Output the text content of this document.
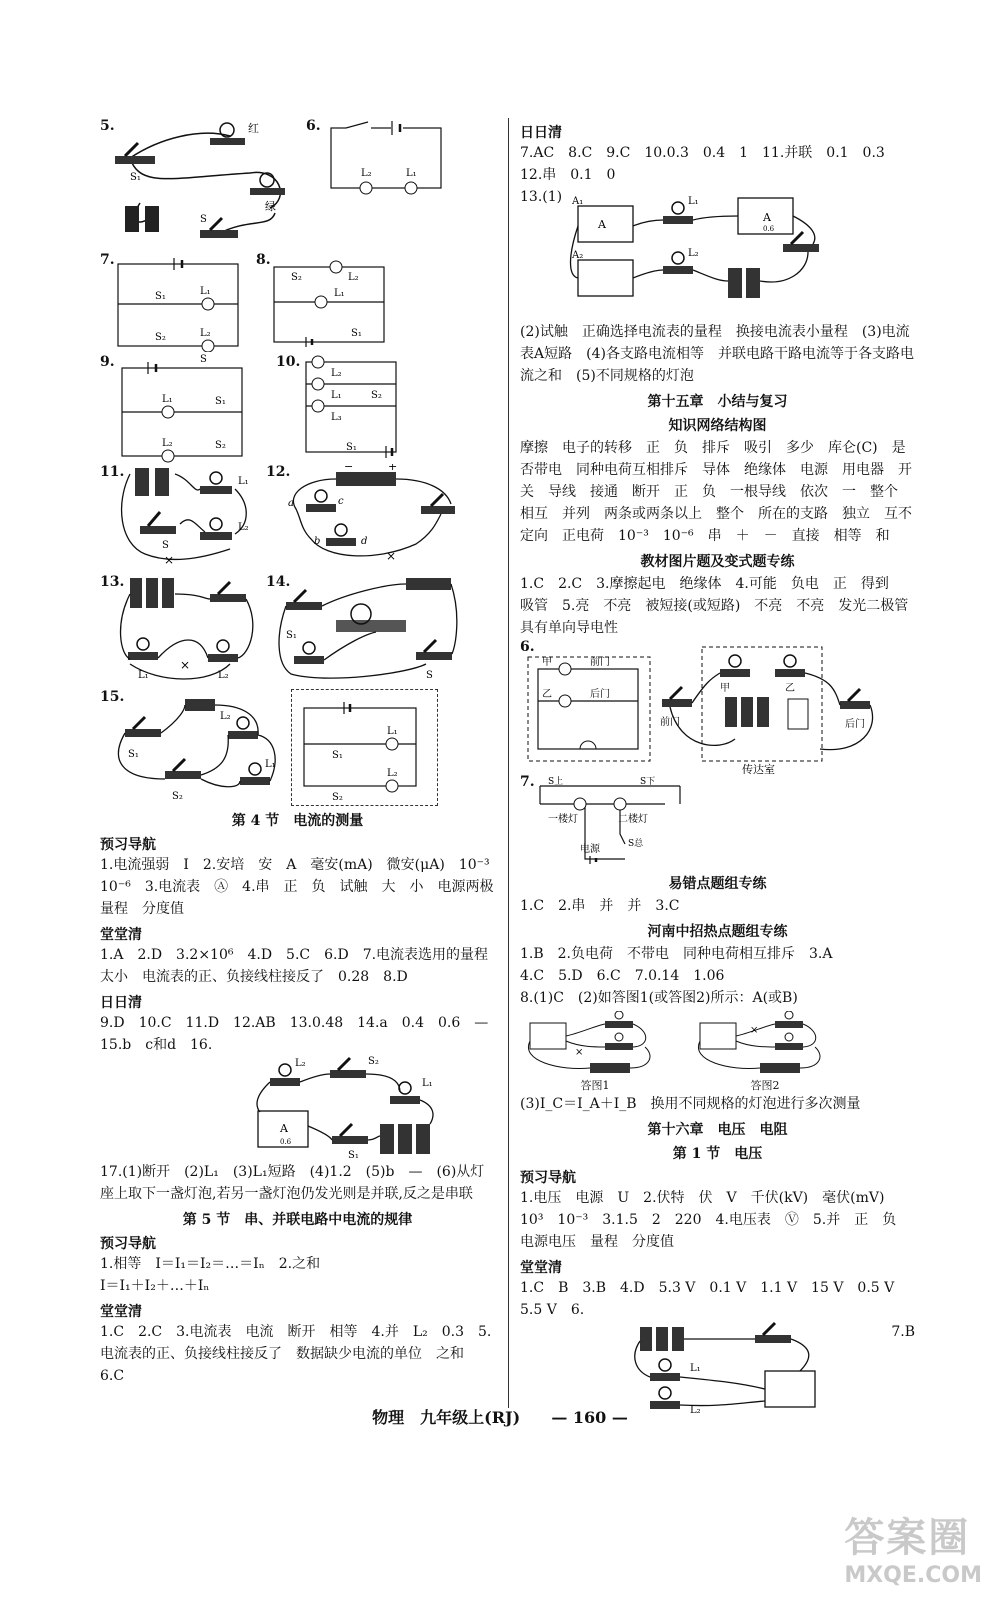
5.	红
绿
S₁
S
6.
L₂	L₁
7.
S₁	L₁
S₂	L₂
8.
S₂	L₂
L₁
S₁
9.	S
L₁	S₁
L₂	S₂
10.
L₂
L₁
L₃
S₂
S₁
11.
×
L₁
S
L₂
12.
×
−	+
a	c
b	d
13.
×
L₁	L₂
14.
S₁
S
15.
L₂
S₁
L₁
S₂
L₁
S₁
L₂
S₂
第 4 节　电流的测量
预习导航
1.电流强弱　I　2.安培　安　A　毫安(mA)　微安(μA)　10⁻³　10⁻⁶　3.电流表　Ⓐ　4.串　正　负　试触　大　小　电源两极　量程　分度值
堂堂清
1.A　2.D　3.2×10⁶　4.D　5.C　6.D　7.电流表选用的量程太小　电流表的正、负接线柱接反了　0.28　8.D
日日清
9.D　10.C　11.D　12.AB　13.0.48　14.a　0.4　0.6　—　15.b　c和d　16.
A
0.6
L₂	S₂
L₁
S₁
17.(1)断开　(2)L₁　(3)L₁短路　(4)1.2　(5)b　—　(6)从灯座上取下一盏灯泡,若另一盏灯泡仍发光则是并联,反之是串联
第 5 节　串、并联电路中电流的规律
预习导航
1.相等　I＝I₁＝I₂＝…＝Iₙ　2.之和
I＝I₁＋I₂＋…＋Iₙ
堂堂清
1.C　2.C　3.电流表　电流　断开　相等　4.并　L₂　0.3　5.电流表的正、负接线柱接反了　数据缺少电流的单位　之和　6.C
日日清
7.AC　8.C　9.C　10.0.3　0.4　1　11.并联　0.1　0.3
12.串　0.1　0
13.(1)
A
A
0.6
A₁
A₂
L₁
L₂
(2)试触　正确选择电流表的量程　换接电流表小量程　(3)电流表A短路　(4)各支路电流相等　并联电路干路电流等于各支路电流之和　(5)不同规格的灯泡
第十五章　小结与复习
知识网络结构图
摩擦　电子的转移　正　负　排斥　吸引　多少　库仑(C)　是否带电　同种电荷互相排斥　导体　绝缘体　电源　用电器　开关　导线　接通　断开　正　负　一根导线　依次　一　整个　相互　并列　两条或两条以上　整个　所在的支路　独立　互不　定向　正电荷　10⁻³　10⁻⁶　串　＋　－　直接　相等　和
教材图片题及变式题专练
1.C　2.C　3.摩擦起电　绝缘体　4.可能　负电　正　得到　吸管　5.亮　不亮　被短接(或短路)　不亮　不亮　发光二极管具有单向导电性
6.
甲	前门
乙	后门
甲	乙
前门	后门
传达室

7. S上	S下
一楼灯	二楼灯
电源	S总
易错点题组专练
1.C　2.串　并　并　3.C
河南中招热点题组专练
1.B　2.负电荷　不带电　同种电荷相互排斥　3.A
4.C　5.D　6.C　7.0.14　1.06
8.(1)C　(2)如答图1(或答图2)所示：A(或B)
×
答图1
×
答图2
(3)I_C＝I_A＋I_B　换用不同规格的灯泡进行多次测量
第十六章　电压　电阻
第 1 节　电压
预习导航
1.电压　电源　U　2.伏特　伏　V　千伏(kV)　毫伏(mV)　10³　10⁻³　3.1.5　2　220　4.电压表　Ⓥ　5.并　正　负　电源电压　量程　分度值
堂堂清
1.C　B　3.B　4.D　5.3 V　0.1 V　1.1 V　15 V　0.5 V　5.5 V　6.
L₁
L₂
7.B
物理　九年级上(RJ) — 160 —
答案圈
MXQE.COM
